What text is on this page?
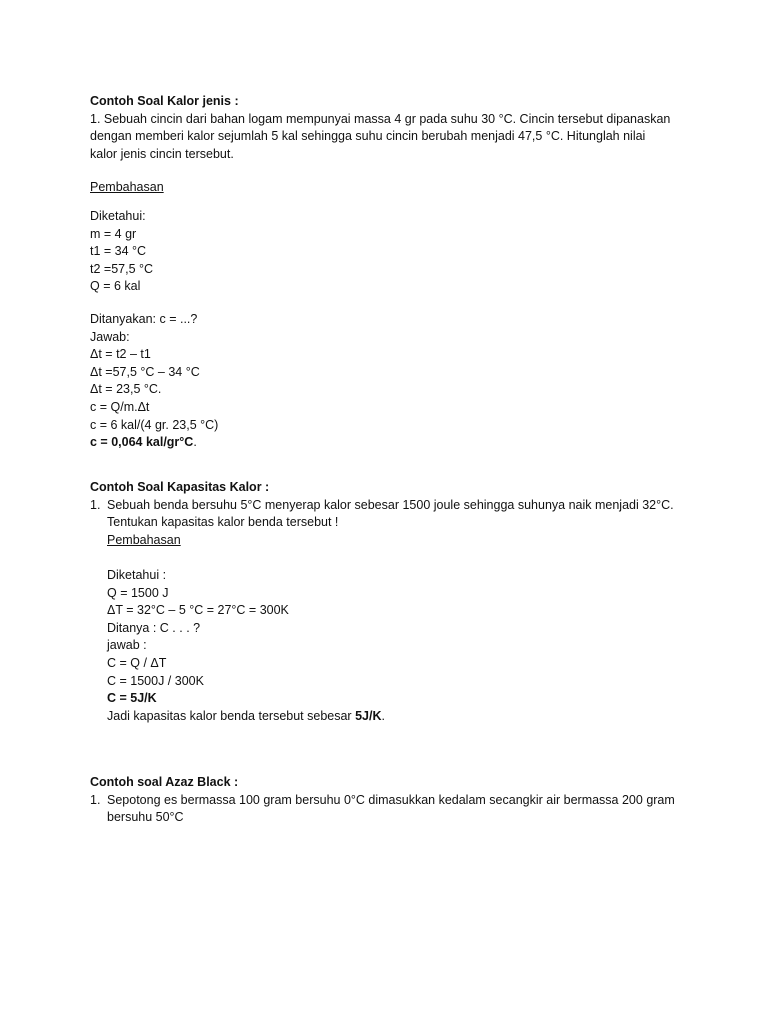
Contoh Soal Kalor jenis :
1. Sebuah cincin dari bahan logam mempunyai massa 4 gr pada suhu 30 °C. Cincin tersebut dipanaskan
dengan memberi kalor sejumlah 5 kal sehingga suhu cincin berubah menjadi 47,5 °C. Hitunglah nilai
kalor jenis cincin tersebut.
Pembahasan
Diketahui:
m = 4 gr
t1 = 34 °C
t2 =57,5 °C
Q = 6 kal
Ditanyakan: c = ...?
Jawab:
Δt = t2 – t1
Δt =57,5 °C – 34 °C
Δt = 23,5 °C.
c = Q/m.Δt
c = 6 kal/(4 gr. 23,5 °C)
c = 0,064 kal/gr°C.
Contoh Soal Kapasitas Kalor :
1. Sebuah benda bersuhu 5°C menyerap kalor sebesar 1500 joule sehingga suhunya naik menjadi 32°C.
Tentukan kapasitas kalor benda tersebut !
Pembahasan
Diketahui :
Q = 1500 J
ΔT = 32°C – 5 °C = 27°C = 300K
Ditanya : C . . . ?
jawab :
C = Q / ΔT
C = 1500J / 300K
C = 5J/K
Jadi kapasitas kalor benda tersebut sebesar 5J/K.
Contoh soal Azaz Black :
1. Sepotong es bermassa 100 gram bersuhu 0°C dimasukkan kedalam secangkir air bermassa 200 gram
bersuhu 50°C
